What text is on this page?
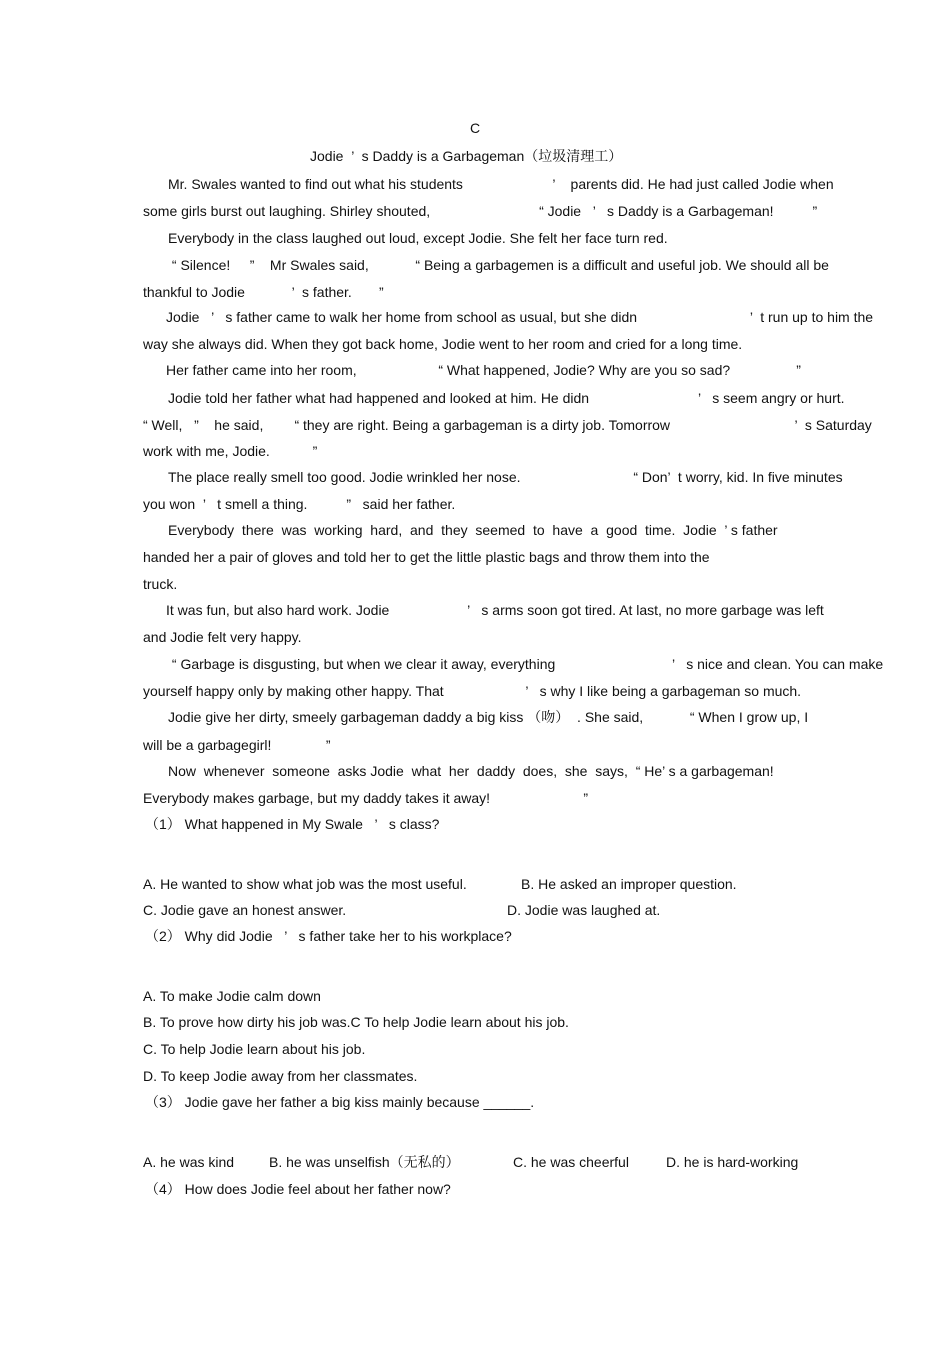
C
Jodie  ’  s Daddy is a Garbageman（垃圾清理工）
Mr. Swales wanted to find out what his students                       ’    parents did. He had just called Jodie when
some girls burst out laughing. Shirley shouted,                            “ Jodie   ’   s Daddy is a Garbageman!          ”
Everybody in the class laughed out loud, except Jodie. She felt her face turn red.
“ Silence!     ”    Mr Swales said,            “ Being a garbagemen is a difficult and useful job. We should all be
thankful to Jodie            ’  s father.       ”
Jodie   ’   s father came to walk her home from school as usual, but she didn                             ’  t run up to him the
way she always did. When they got back home, Jodie went to her room and cried for a long time.
Her father came into her room,                     “ What happened, Jodie? Why are you so sad?                 ”
Jodie told her father what had happened and looked at him. He didn                            ’   s seem angry or hurt.
“ Well,   ”    he said,        “ they are right. Being a garbageman is a dirty job. Tomorrow                                ’  s Saturday
work with me, Jodie.           ”
The place really smell too good. Jodie wrinkled her nose.                             “ Don’  t worry, kid. In five minutes
you won  ’   t smell a thing.          ”   said her father.
Everybody  there  was  working  hard,  and  they  seemed  to  have  a  good  time.  Jodie  ’ s father
handed her a pair of gloves and told her to get the little plastic bags and throw them into the
truck.
It was fun, but also hard work. Jodie                    ’   s arms soon got tired. At last, no more garbage was left
and Jodie felt very happy.
“ Garbage is disgusting, but when we clear it away, everything                              ’   s nice and clean. You can make
yourself happy only by making other happy. That                     ’   s why I like being a garbageman so much.
Jodie give her dirty, smeely garbageman daddy a big kiss （吻）  . She said,            “ When I grow up, I
will be a garbagegirl!              ”
Now  whenever  someone  asks Jodie  what  her  daddy  does,  she  says,  “ He’ s a garbageman!
Everybody makes garbage, but my daddy takes it away!                        ”
（1） What happened in My Swale   ’   s class?
A. He wanted to show what job was the most useful.	B. He asked an improper question.
C. Jodie gave an honest answer.	D. Jodie was laughed at.
（2） Why did Jodie   ’   s father take her to his workplace?
A. To make Jodie calm down
B. To prove how dirty his job was.C To help Jodie learn about his job.
C. To help Jodie learn about his job.
D. To keep Jodie away from her classmates.
（3） Jodie gave her father a big kiss mainly because ______.
A. he was kind B. he was unselfish（无私的）	C. he was cheerful	D. he is hard-working
（4） How does Jodie feel about her father now?
